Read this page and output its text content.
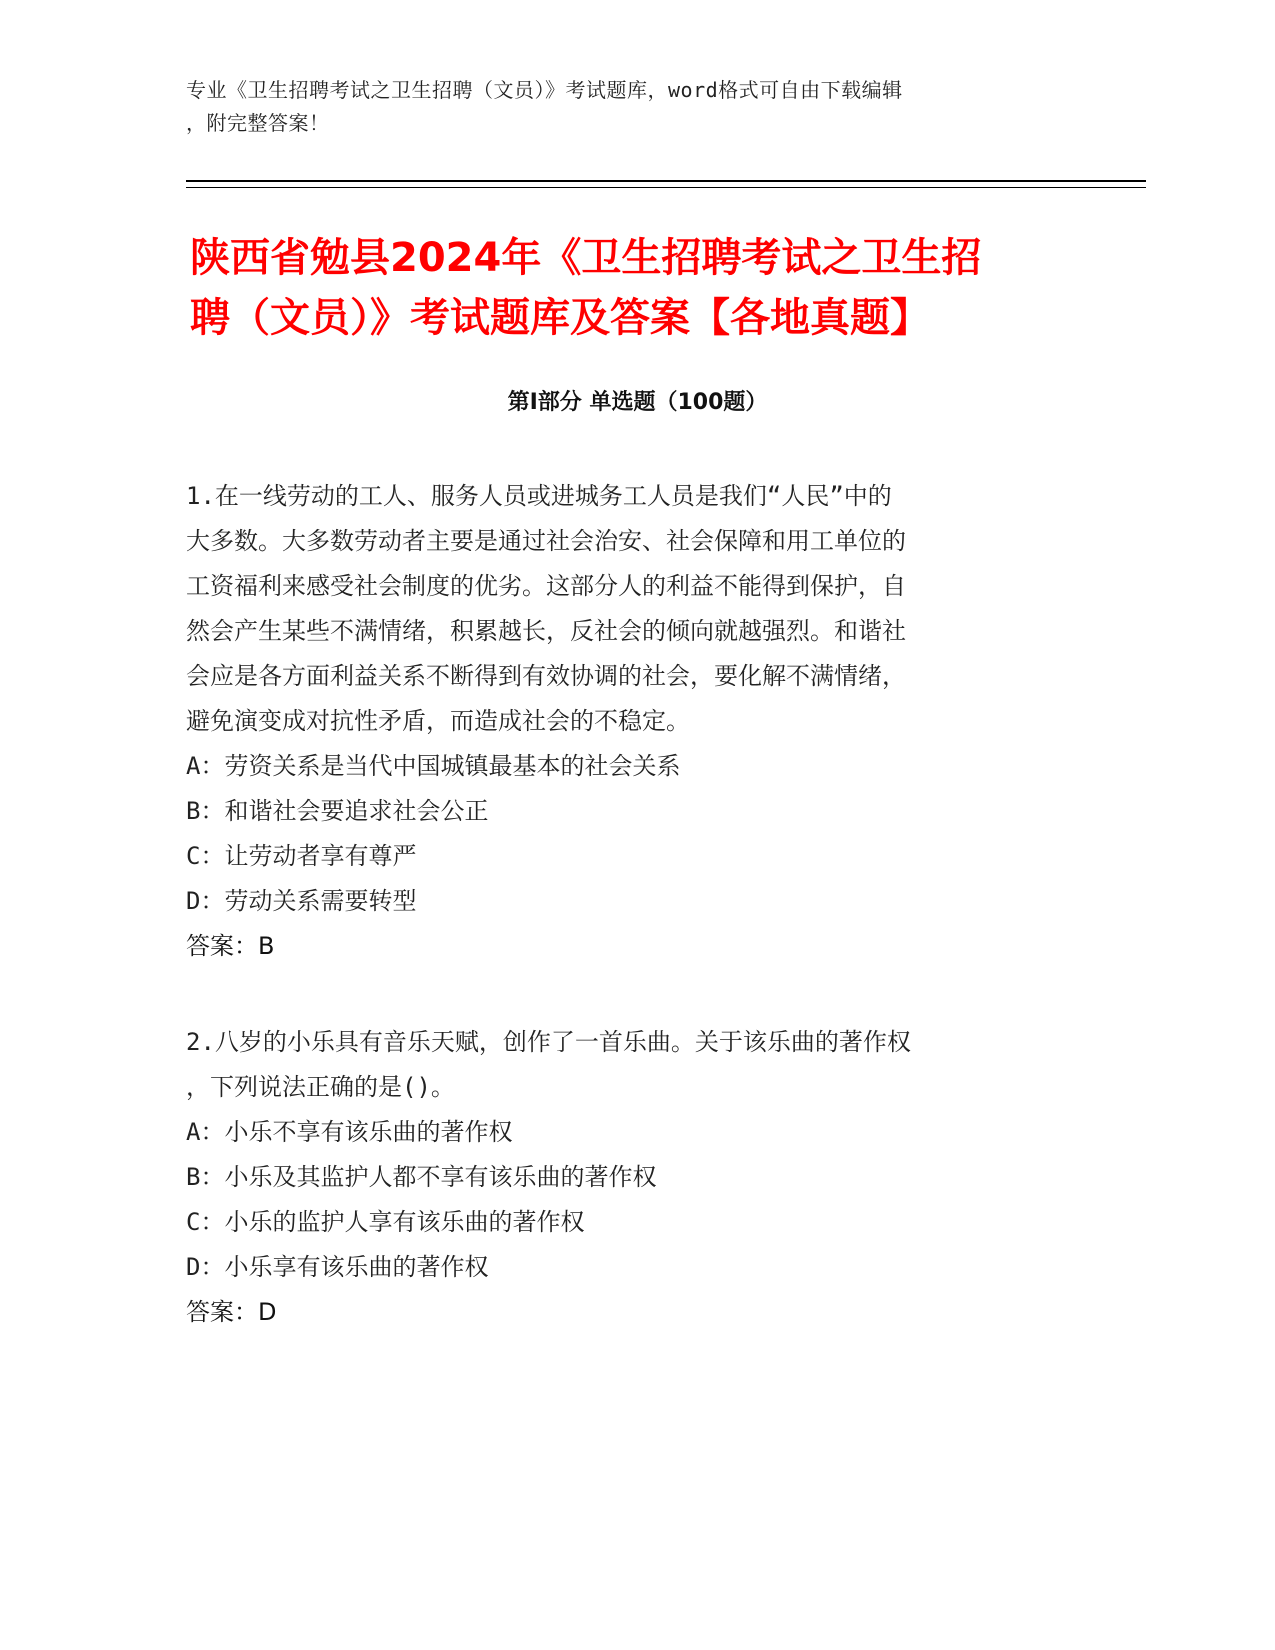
专业《卫生招聘考试之卫生招聘（文员）》考试题库，word格式可自由下载编辑
，附完整答案！
陕西省勉县2024年《卫生招聘考试之卫生招
聘（文员）》考试题库及答案【各地真题】
第Ⅰ部分 单选题（100题）
1.在一线劳动的工人、服务人员或进城务工人员是我们“人民”中的
大多数。大多数劳动者主要是通过社会治安、社会保障和用工单位的
工资福利来感受社会制度的优劣。这部分人的利益不能得到保护，自
然会产生某些不满情绪，积累越长，反社会的倾向就越强烈。和谐社
会应是各方面利益关系不断得到有效协调的社会，要化解不满情绪，
避免演变成对抗性矛盾，而造成社会的不稳定。
A：劳资关系是当代中国城镇最基本的社会关系
B：和谐社会要追求社会公正
C：让劳动者享有尊严
D：劳动关系需要转型
答案：B
2.八岁的小乐具有音乐天赋，创作了一首乐曲。关于该乐曲的著作权
，下列说法正确的是()。
A：小乐不享有该乐曲的著作权
B：小乐及其监护人都不享有该乐曲的著作权
C：小乐的监护人享有该乐曲的著作权
D：小乐享有该乐曲的著作权
答案：D
